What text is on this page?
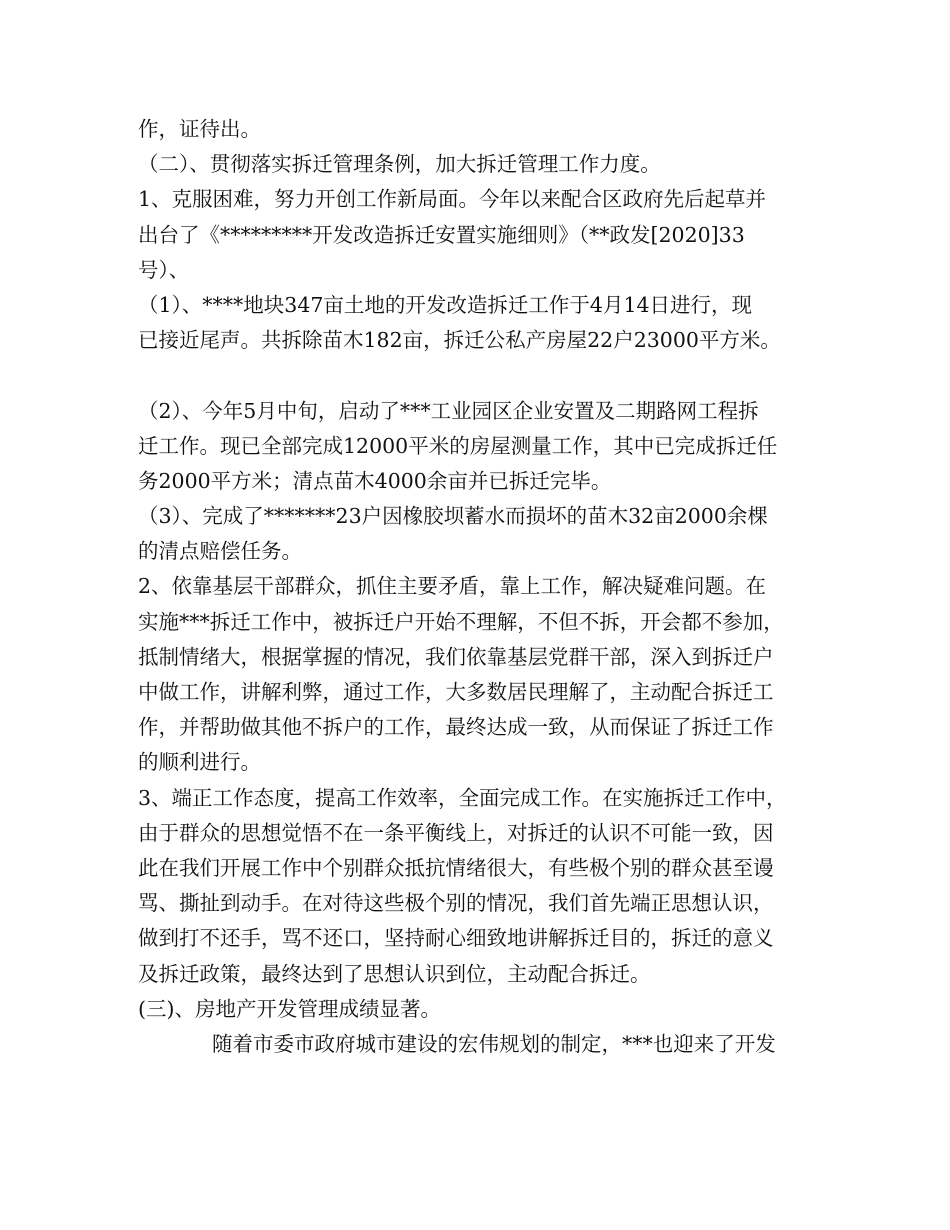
作，证待出。
（二）、贯彻落实拆迁管理条例，加大拆迁管理工作力度。
1、克服困难，努力开创工作新局面。今年以来配合区政府先后起草并
出台了《*********开发改造拆迁安置实施细则》（**政发[2020]33
号）、
（1）、****地块347亩土地的开发改造拆迁工作于4月14日进行，现
已接近尾声。共拆除苗木182亩，拆迁公私产房屋22户23000平方米。
（2）、今年5月中旬，启动了***工业园区企业安置及二期路网工程拆
迁工作。现已全部完成12000平米的房屋测量工作，其中已完成拆迁任
务2000平方米；清点苗木4000余亩并已拆迁完毕。
（3）、完成了*******23户因橡胶坝蓄水而损坏的苗木32亩2000余棵
的清点赔偿任务。
2、依靠基层干部群众，抓住主要矛盾，靠上工作，解决疑难问题。在
实施***拆迁工作中，被拆迁户开始不理解，不但不拆，开会都不参加，
抵制情绪大，根据掌握的情况，我们依靠基层党群干部，深入到拆迁户
中做工作，讲解利弊，通过工作，大多数居民理解了，主动配合拆迁工
作，并帮助做其他不拆户的工作，最终达成一致，从而保证了拆迁工作
的顺利进行。
3、端正工作态度，提高工作效率，全面完成工作。在实施拆迁工作中，
由于群众的思想觉悟不在一条平衡线上，对拆迁的认识不可能一致，因
此在我们开展工作中个别群众抵抗情绪很大，有些极个别的群众甚至谩
骂、撕扯到动手。在对待这些极个别的情况，我们首先端正思想认识，
做到打不还手，骂不还口，坚持耐心细致地讲解拆迁目的，拆迁的意义
及拆迁政策，最终达到了思想认识到位，主动配合拆迁。
(三)、房地产开发管理成绩显著。
随着市委市政府城市建设的宏伟规划的制定，***也迎来了开发
